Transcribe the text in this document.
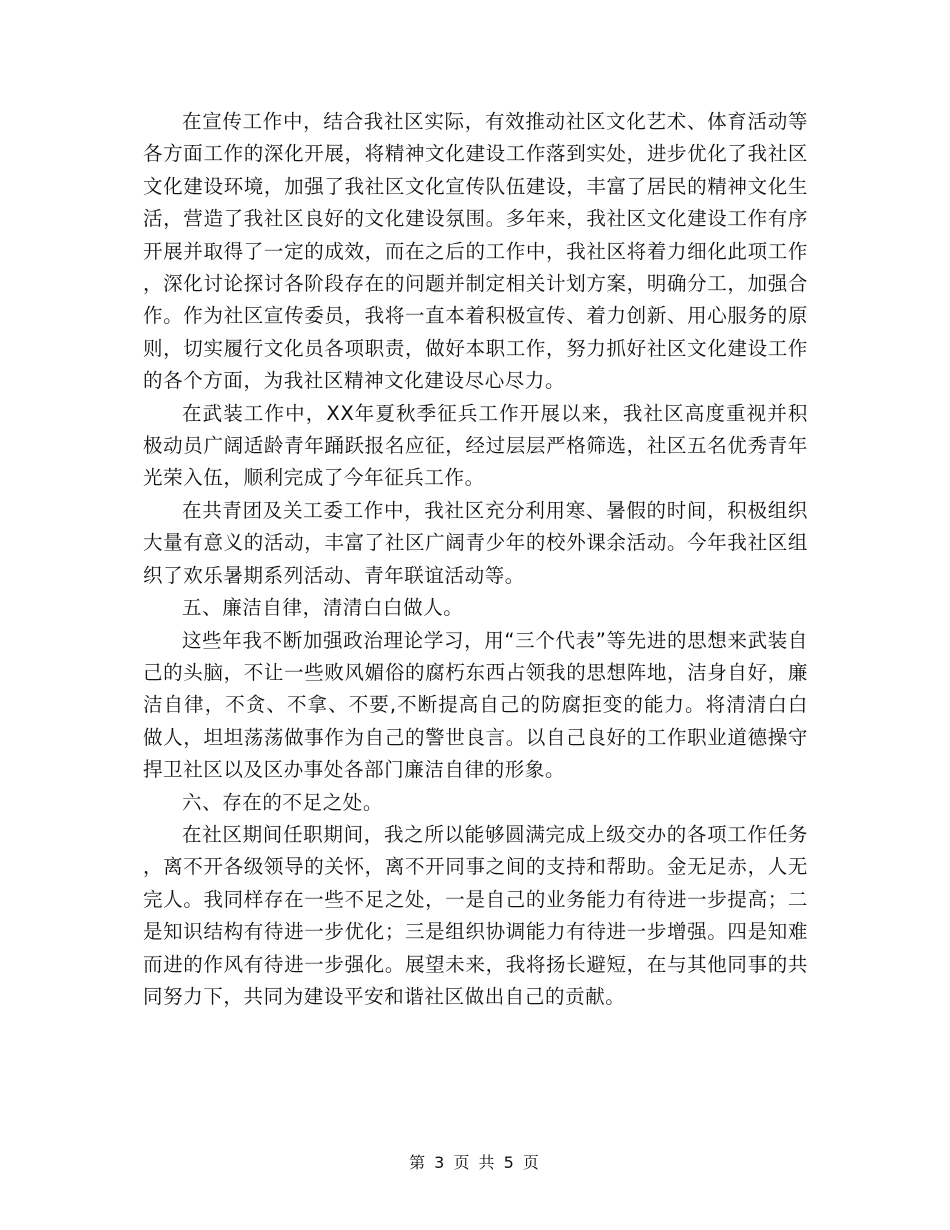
在宣传工作中，结合我社区实际，有效推动社区文化艺术、体育活动等各方面工作的深化开展，将精神文化建设工作落到实处，进步优化了我社区文化建设环境，加强了我社区文化宣传队伍建设，丰富了居民的精神文化生活，营造了我社区良好的文化建设氛围。多年来，我社区文化建设工作有序开展并取得了一定的成效，而在之后的工作中，我社区将着力细化此项工作，深化讨论探讨各阶段存在的问题并制定相关计划方案，明确分工，加强合作。作为社区宣传委员，我将一直本着积极宣传、着力创新、用心服务的原则，切实履行文化员各项职责，做好本职工作，努力抓好社区文化建设工作的各个方面，为我社区精神文化建设尽心尽力。

在武装工作中，XX年夏秋季征兵工作开展以来，我社区高度重视并积极动员广阔适龄青年踊跃报名应征，经过层层严格筛选，社区五名优秀青年光荣入伍，顺利完成了今年征兵工作。

在共青团及关工委工作中，我社区充分利用寒、暑假的时间，积极组织大量有意义的活动，丰富了社区广阔青少年的校外课余活动。今年我社区组织了欢乐暑期系列活动、青年联谊活动等。

五、廉洁自律，清清白白做人。

这些年我不断加强政治理论学习，用“三个代表”等先进的思想来武装自己的头脑，不让一些败风媚俗的腐朽东西占领我的思想阵地，洁身自好，廉洁自律，不贪、不拿、不要,不断提高自己的防腐拒变的能力。将清清白白做人，坦坦荡荡做事作为自己的警世良言。以自己良好的工作职业道德操守捍卫社区以及区办事处各部门廉洁自律的形象。

六、存在的不足之处。

在社区期间任职期间，我之所以能够圆满完成上级交办的各项工作任务，离不开各级领导的关怀，离不开同事之间的支持和帮助。金无足赤，人无完人。我同样存在一些不足之处，一是自己的业务能力有待进一步提高；二是知识结构有待进一步优化；三是组织协调能力有待进一步增强。四是知难而进的作风有待进一步强化。展望未来，我将扬长避短，在与其他同事的共同努力下，共同为建设平安和谐社区做出自己的贡献。

第 3 页 共 5 页
